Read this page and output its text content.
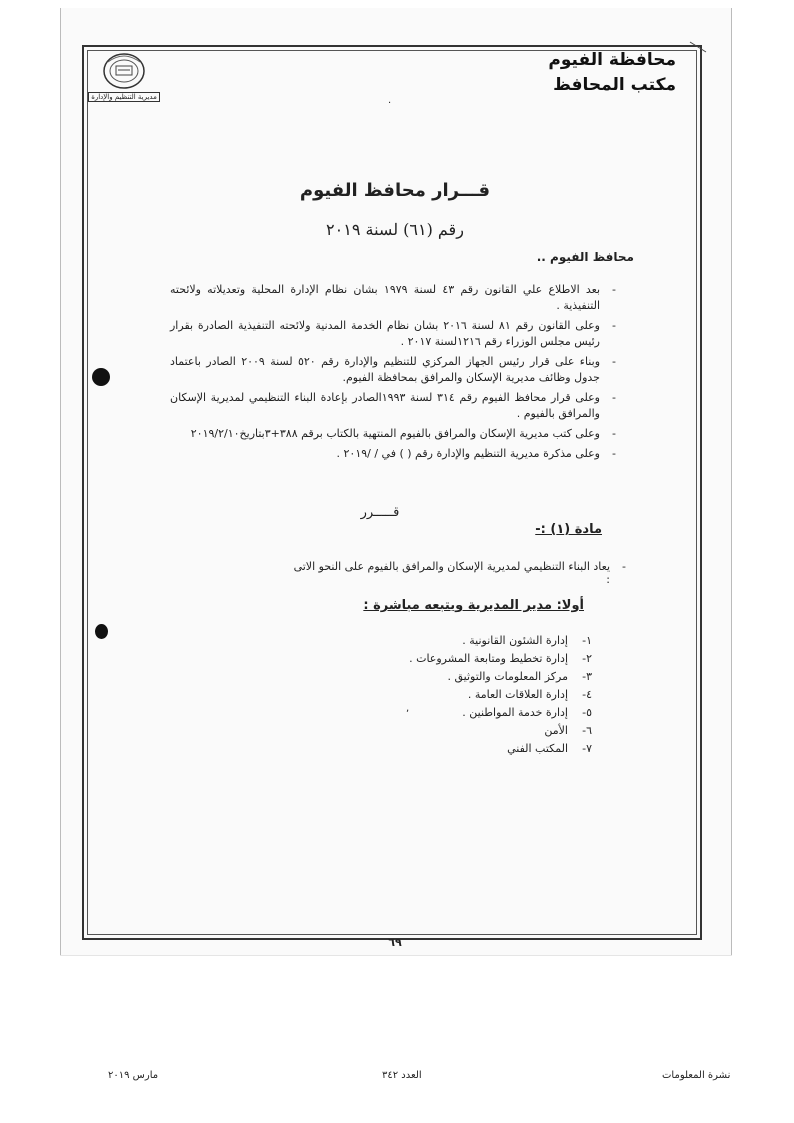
محافظة الفيوم
مكتب المحافظ
مديرية التنظيم والإدارة
قـــرار محافظ الفيوم
رقم (٦١) لسنة ٢٠١٩
محافظ الفيوم ..
.
- بعد الاطلاع علي القانون رقم ٤٣ لسنة ١٩٧٩ بشان نظام الإدارة المحلية وتعديلاته ولائحته التنفيذية .
- وعلى القانون رقم ٨١ لسنة ٢٠١٦ بشان نظام الخدمة المدنية ولائحته التنفيذية الصادرة بقرار رئيس مجلس الوزراء رقم ١٢١٦لسنة ٢٠١٧ .
- وبناء على قرار رئيس الجهاز المركزي للتنظيم والإدارة رقم ٥٢٠ لسنة ٢٠٠٩ الصادر باعتماد جدول وظائف مديرية الإسكان والمرافق بمحافظة الفيوم.
- وعلى قرار محافظ الفيوم رقم ٣١٤ لسنة ١٩٩٣الصادر بإعادة البناء التنظيمي لمديرية الإسكان والمرافق بالفيوم .
- وعلى كتب مديرية الإسكان والمرافق بالفيوم المنتهية بالكتاب برقم ٣٨٨+٣بتاريخ٢٠١٩/٢/١٠
- وعلى مذكرة مديرية التنظيم والإدارة رقم ( ) في / /٢٠١٩ .
قـــــرر
مادة (١) :-
- يعاد البناء التنظيمي لمديرية الإسكان والمرافق بالفيوم على النحو الاتى :
أولا: مدير المديرية ويتبعه مباشرة :
١-
إدارة الشئون القانونية .
٢-
إدارة تخطيط ومتابعة المشروعات .
٣-
مركز المعلومات والتوثيق .
٤-
إدارة العلاقات العامة .
٥-
إدارة خدمة المواطنين .
٦-
الأمن
٧-
المكتب الفني
,
٦٩
نشرة المعلومات
العدد ٣٤٢
مارس ٢٠١٩
